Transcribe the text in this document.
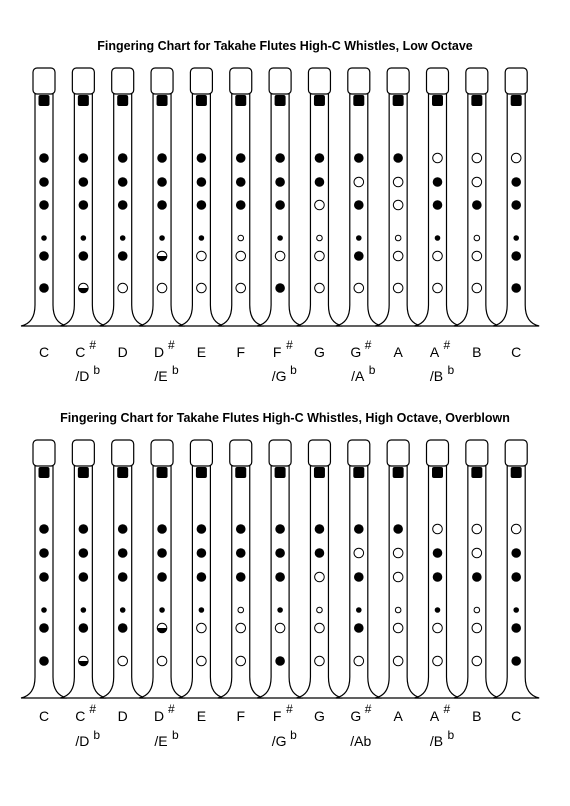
Fingering Chart for Takahe Flutes High-C Whistles, Low Octave
C C #
/D b
D D #
/E b
E F F #
/G b
G G #
/A b
A A #
/B b
B C
Fingering Chart for Takahe Flutes High-C Whistles, High Octave, Overblown
C C #
/D b
D D #
/E b
E F F #
/G b
G G #
/Ab
A A #
/B b
B C
